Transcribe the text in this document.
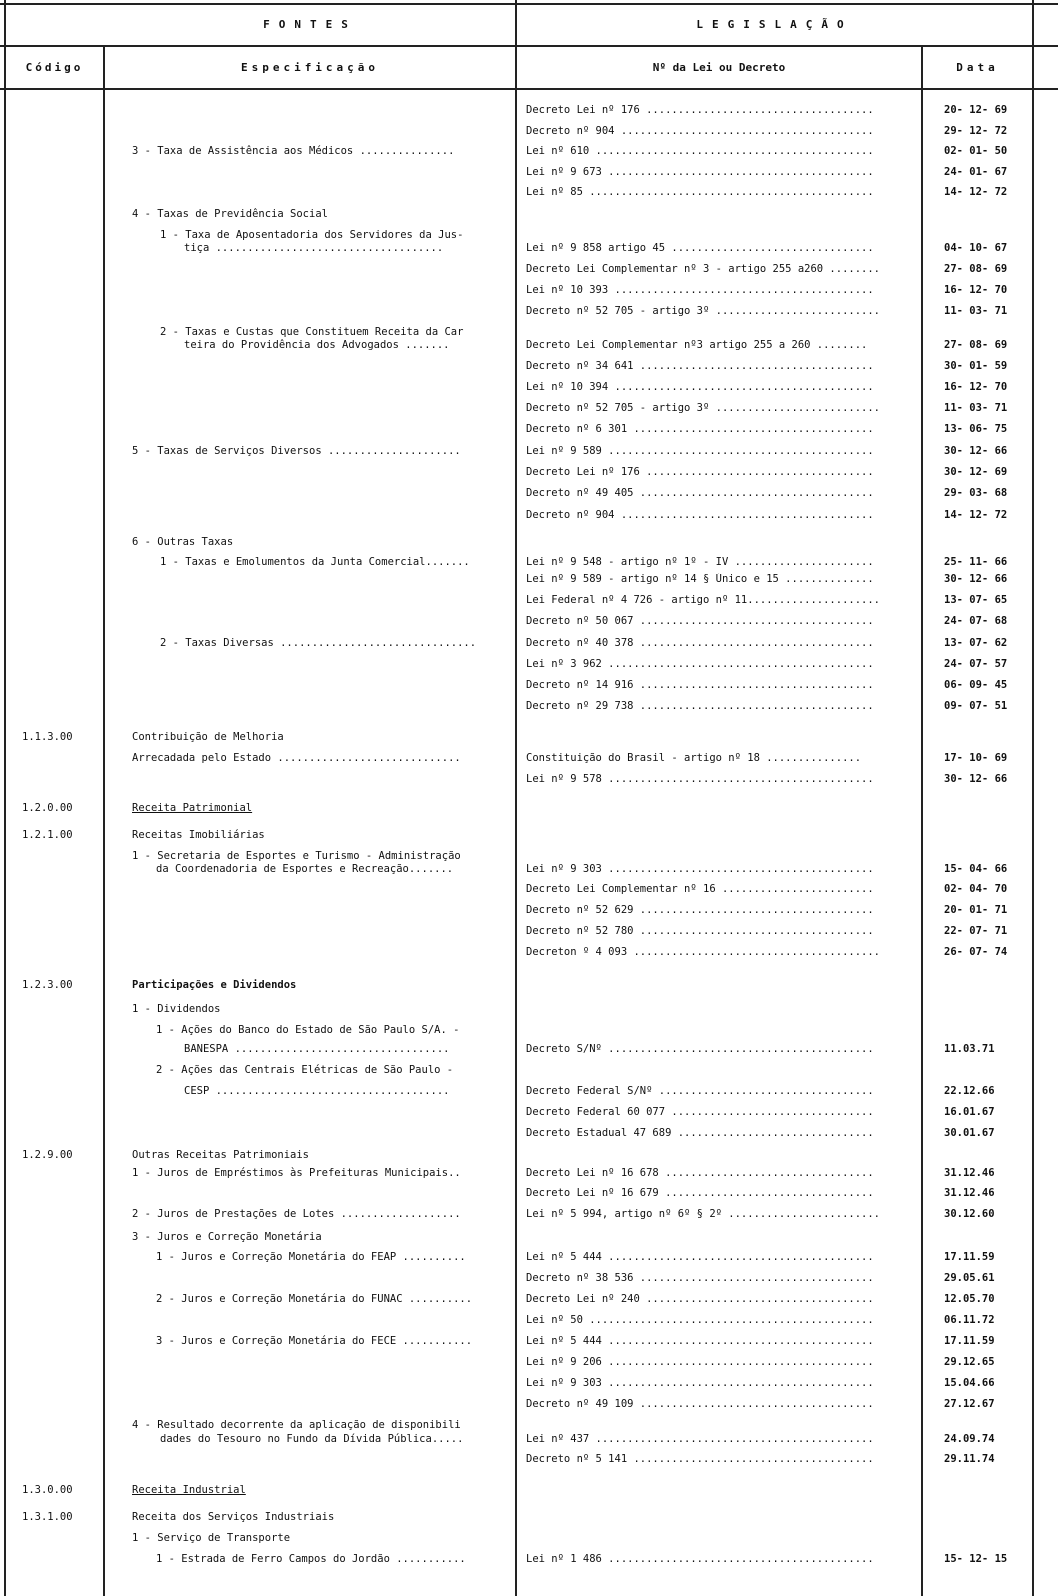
FONTES	LEGISLAÇÃO
Código	Especificação	Nº da Lei ou Decreto	Data
Decreto Lei nº 176 ....................................	20- 12- 69
Decreto nº 904 ........................................	29- 12- 72
3 - Taxa de Assistência aos Médicos ...............	Lei nº 610 ............................................	02- 01- 50
Lei nº 9 673 ..........................................	24- 01- 67
Lei nº 85 .............................................	14- 12- 72
4 - Taxas de Previdência Social
1 - Taxa de Aposentadoria dos Servidores da Jus-
tiça ....................................	Lei nº 9 858 artigo 45 ................................	04- 10- 67
Decreto Lei Complementar nº 3 - artigo 255 a260 ........	27- 08- 69
Lei nº 10 393 .........................................	16- 12- 70
Decreto nº 52 705 - artigo 3º ..........................	11- 03- 71
2 - Taxas e Custas que Constituem Receita da Car
teira do Providência dos Advogados .......	Decreto Lei Complementar nº3 artigo 255 a 260 ........	27- 08- 69
Decreto nº 34 641 .....................................	30- 01- 59
Lei nº 10 394 .........................................	16- 12- 70
Decreto nº 52 705 - artigo 3º ..........................	11- 03- 71
Decreto nº 6 301 ......................................	13- 06- 75
5 - Taxas de Serviços Diversos .....................	Lei nº 9 589 ..........................................	30- 12- 66
Decreto Lei nº 176 ....................................	30- 12- 69
Decreto nº 49 405 .....................................	29- 03- 68
Decreto nº 904 ........................................	14- 12- 72
6 - Outras Taxas
1 - Taxas e Emolumentos da Junta Comercial.......	Lei nº 9 548 - artigo nº 1º - IV ......................	25- 11- 66
Lei nº 9 589 - artigo nº 14 § Único e 15 ..............	30- 12- 66
Lei Federal nº 4 726 - artigo nº 11.....................	13- 07- 65
Decreto nº 50 067 .....................................	24- 07- 68
2 - Taxas Diversas ...............................	Decreto nº 40 378 .....................................	13- 07- 62
Lei nº 3 962 ..........................................	24- 07- 57
Decreto nº 14 916 .....................................	06- 09- 45
Decreto nº 29 738 .....................................	09- 07- 51
1.1.3.00	Contribuição de Melhoria
Arrecadada pelo Estado .............................	Constituição do Brasil - artigo nº 18 ...............	17- 10- 69
Lei nº 9 578 ..........................................	30- 12- 66
1.2.0.00	Receita Patrimonial
1.2.1.00	Receitas Imobiliárias
1 - Secretaria de Esportes e Turismo - Administração
da Coordenadoria de Esportes e Recreação.......	Lei nº 9 303 ..........................................	15- 04- 66
Decreto Lei Complementar nº 16 ........................	02- 04- 70
Decreto nº 52 629 .....................................	20- 01- 71
Decreto nº 52 780 .....................................	22- 07- 71
Decreton º 4 093 .......................................	26- 07- 74
1.2.3.00	Participações e Dividendos
1 - Dividendos
1 - Ações do Banco do Estado de São Paulo S/A. -
BANESPA ..................................	Decreto S/Nº ..........................................	11.03.71
2 - Ações das Centrais Elétricas de São Paulo -
CESP .....................................	Decreto Federal S/Nº ..................................	22.12.66
Decreto Federal 60 077 ................................	16.01.67
Decreto Estadual 47 689 ...............................	30.01.67
1.2.9.00	Outras Receitas Patrimoniais
1 - Juros de Empréstimos às Prefeituras Municipais..	Decreto Lei nº 16 678 .................................	31.12.46
Decreto Lei nº 16 679 .................................	31.12.46
2 - Juros de Prestações de Lotes ...................	Lei nº 5 994, artigo nº 6º § 2º ........................	30.12.60
3 - Juros e Correção Monetária
1 - Juros e Correção Monetária do FEAP ..........	Lei nº 5 444 ..........................................	17.11.59
Decreto nº 38 536 .....................................	29.05.61
2 - Juros e Correção Monetária do FUNAC ..........	Decreto Lei nº 240 ....................................	12.05.70
Lei nº 50 .............................................	06.11.72
3 - Juros e Correção Monetária do FECE ...........	Lei nº 5 444 ..........................................	17.11.59
Lei nº 9 206 ..........................................	29.12.65
Lei nº 9 303 ..........................................	15.04.66
Decreto nº 49 109 .....................................	27.12.67
4 - Resultado decorrente da aplicação de disponibili
dades do Tesouro no Fundo da Dívida Pública.....	Lei nº 437 ............................................	24.09.74
Decreto nº 5 141 ......................................	29.11.74
1.3.0.00	Receita Industrial
1.3.1.00	Receita dos Serviços Industriais
1 - Serviço de Transporte
1 - Estrada de Ferro Campos do Jordão ...........	Lei nº 1 486 ..........................................	15- 12- 15
